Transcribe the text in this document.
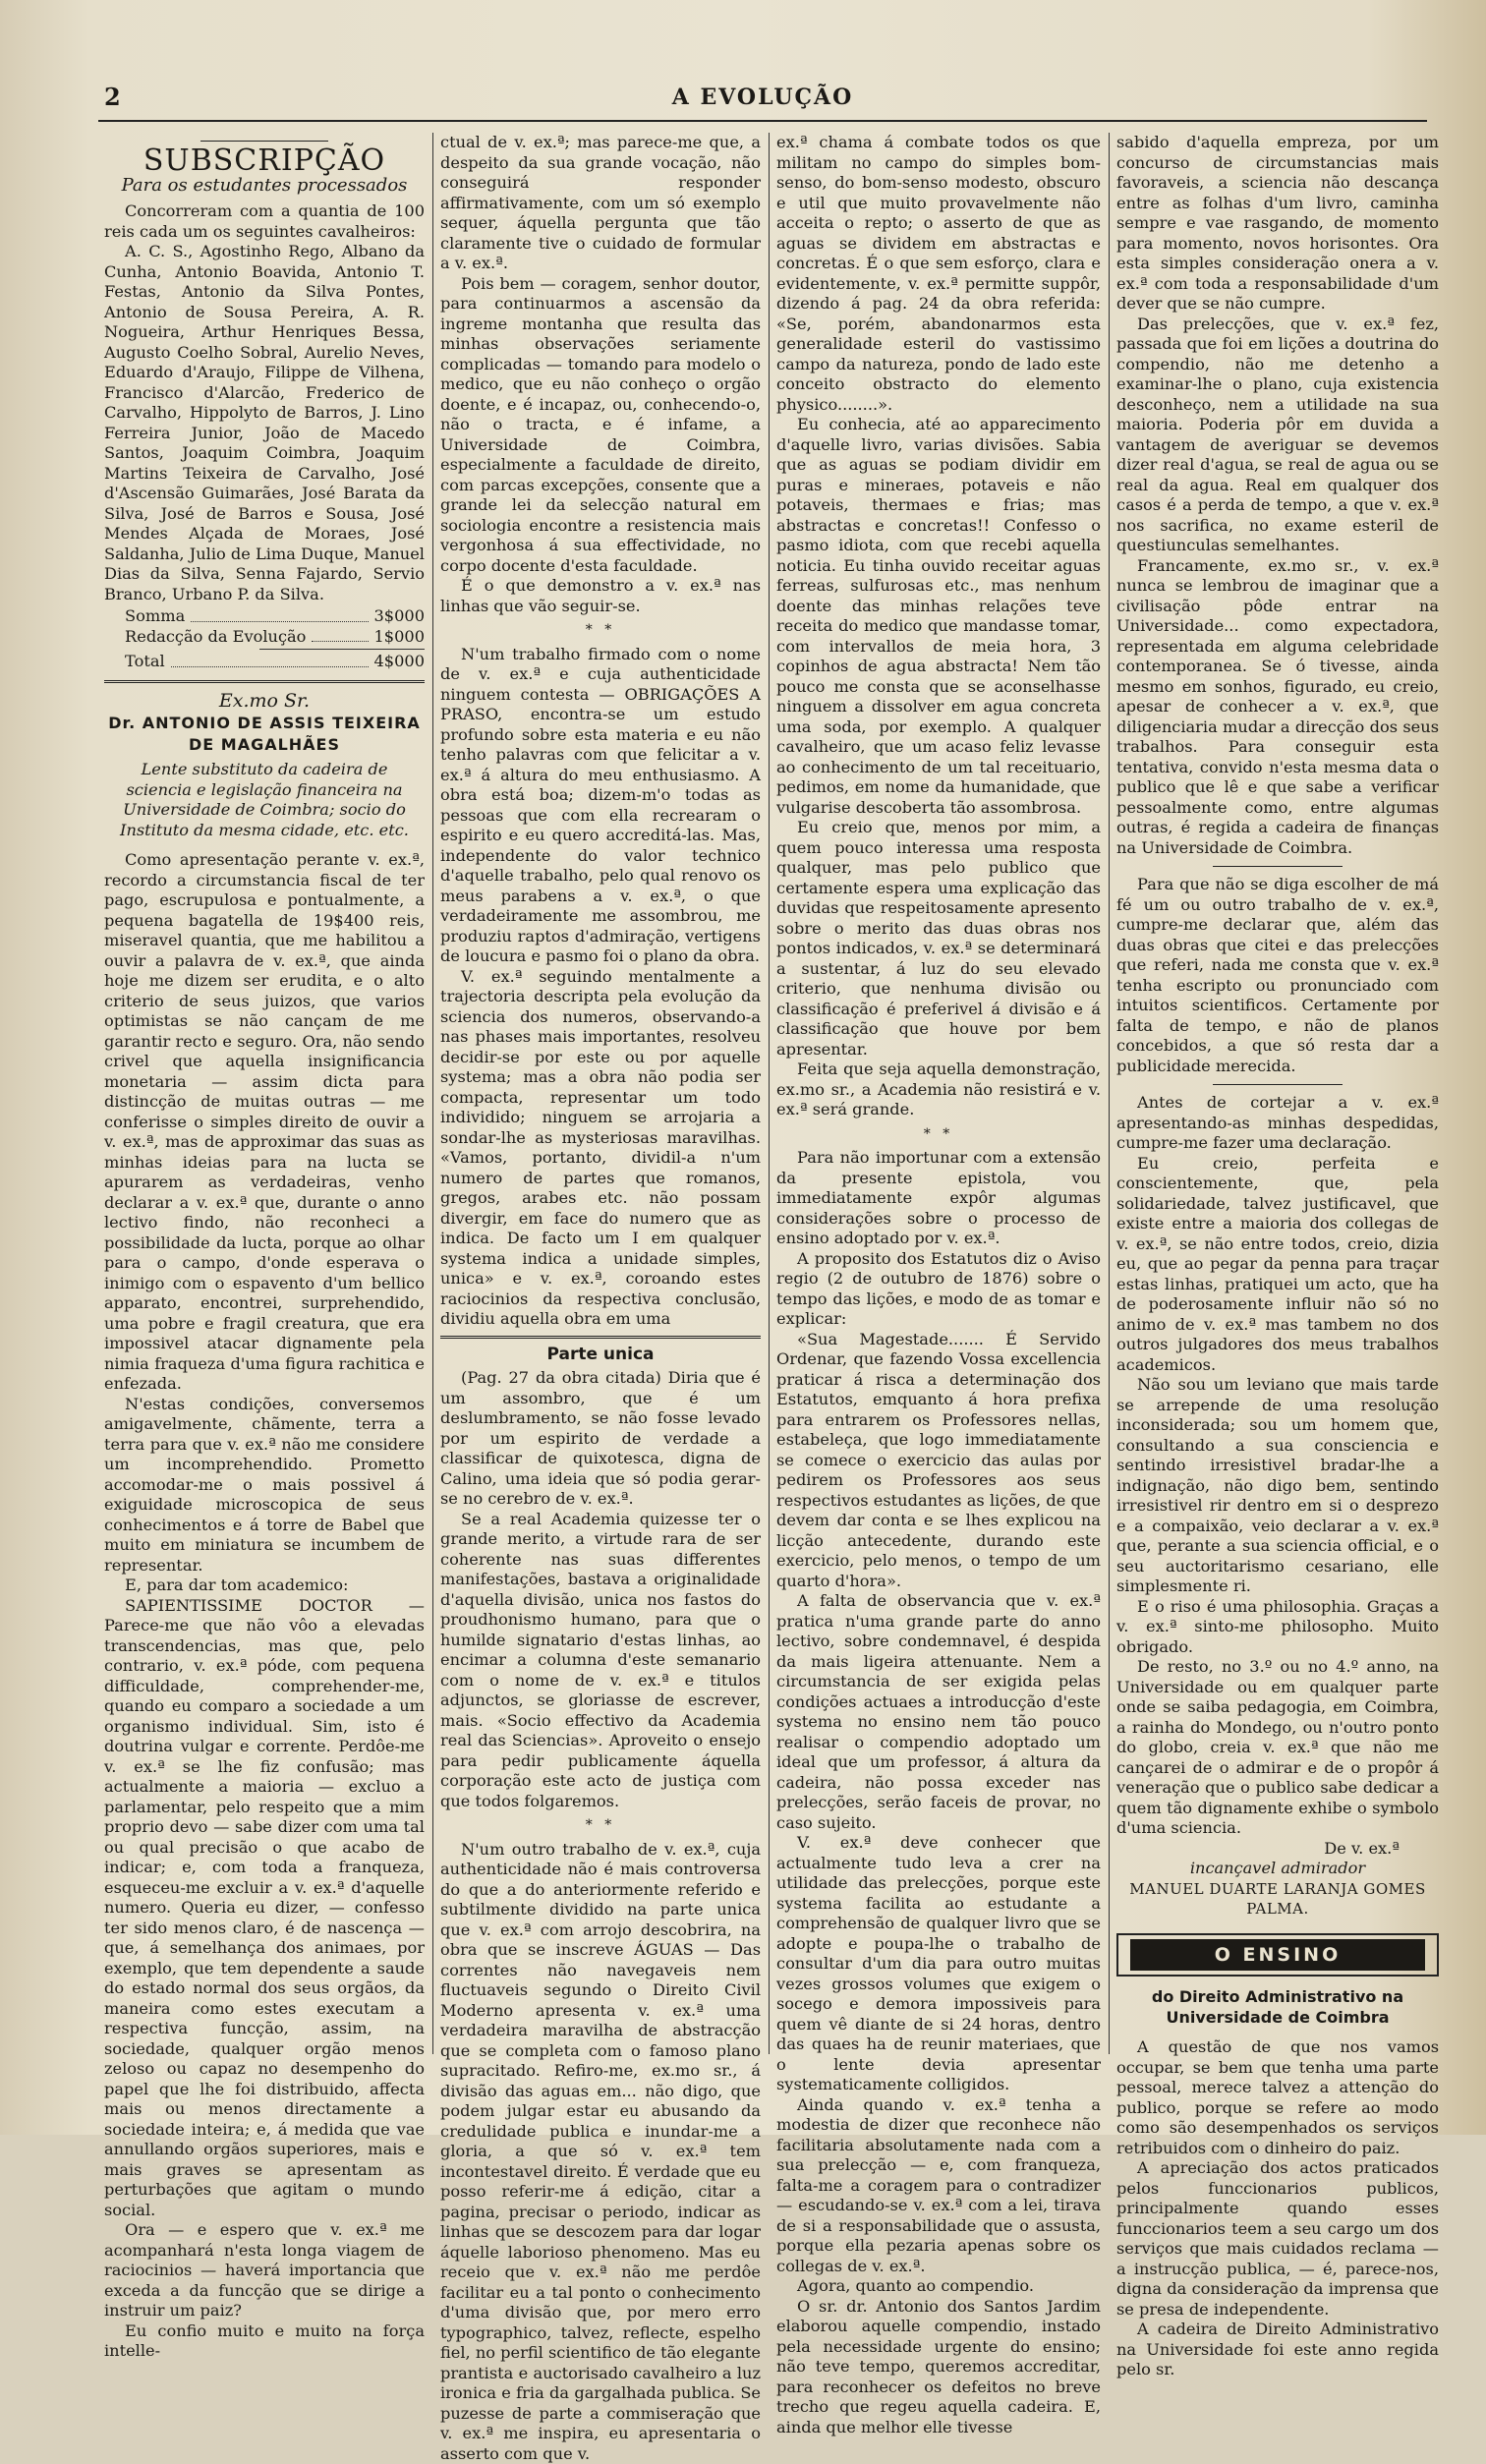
2	A EVOLUÇÃO
SUBSCRIPÇÃO
Para os estudantes processados

Concorreram com a quantia de 100 reis cada um os seguintes cavalheiros:

A. C. S., Agostinho Rego, Albano da Cunha, Antonio Boavida, Antonio T. Festas, Antonio da Silva Pontes, Antonio de Sousa Pereira, A. R. Nogueira, Arthur Henriques Bessa, Augusto Coelho Sobral, Aurelio Neves, Eduardo d'Araujo, Filippe de Vilhena, Francisco d'Alarcão, Frederico de Carvalho, Hippolyto de Barros, J. Lino Ferreira Junior, João de Macedo Santos, Joaquim Coimbra, Joaquim Martins Teixeira de Carvalho, José d'Ascensão Guimarães, José Barata da Silva, José de Barros e Sousa, José Mendes Alçada de Moraes, José Saldanha, Julio de Lima Duque, Manuel Dias da Silva, Senna Fajardo, Servio Branco, Urbano P. da Silva.

Somma	3$000
Redacção da Evolução	1$000
Total	4$000
Ex.mo Sr.
Dr. ANTONIO DE ASSIS TEIXEIRA DE MAGALHÃES
Lente substituto da cadeira de sciencia e legislação financeira na Universidade de Coimbra; socio do Instituto da mesma cidade, etc. etc.

Como apresentação perante v. ex.ª, recordo a circumstancia fiscal de ter pago, escrupulosa e pontualmente, a pequena bagatella de 19$400 reis, miseravel quantia, que me habilitou a ouvir a palavra de v. ex.ª, que ainda hoje me dizem ser erudita, e o alto criterio de seus juizos, que varios optimistas se não cançam de me garantir recto e seguro. Ora, não sendo crivel que aquella insignificancia monetaria — assim dicta para distincção de muitas outras — me conferisse o simples direito de ouvir a v. ex.ª, mas de approximar das suas as minhas ideias para na lucta se apurarem as verdadeiras, venho declarar a v. ex.ª que, durante o anno lectivo findo, não reconheci a possibilidade da lucta, porque ao olhar para o campo, d'onde esperava o inimigo com o espavento d'um bellico apparato, encontrei, surprehendido, uma pobre e fragil creatura, que era impossivel atacar dignamente pela nimia fraqueza d'uma figura rachitica e enfezada.

N'estas condições, conversemos amigavelmente, chãmente, terra a terra para que v. ex.ª não me considere um incomprehendido. Prometto accomodar-me o mais possivel á exiguidade microscopica de seus conhecimentos e á torre de Babel que muito em miniatura se incumbem de representar.

E, para dar tom academico:

SAPIENTISSIME DOCTOR — Parece-me que não vôo a elevadas transcendencias, mas que, pelo contrario, v. ex.ª póde, com pequena difficuldade, comprehender-me, quando eu comparo a sociedade a um organismo individual. Sim, isto é doutrina vulgar e corrente. Perdôe-me v. ex.ª se lhe fiz confusão; mas actualmente a maioria — excluo a parlamentar, pelo respeito que a mim proprio devo — sabe dizer com uma tal ou qual precisão o que acabo de indicar; e, com toda a franqueza, esqueceu-me excluir a v. ex.ª d'aquelle numero. Queria eu dizer, — confesso ter sido menos claro, é de nascença — que, á semelhança dos animaes, por exemplo, que tem dependente a saude do estado normal dos seus orgãos, da maneira como estes executam a respectiva funcção, assim, na sociedade, qualquer orgão menos zeloso ou capaz no desempenho do papel que lhe foi distribuido, affecta mais ou menos directamente a sociedade inteira; e, á medida que vae annullando orgãos superiores, mais e mais graves se apresentam as perturbações que agitam o mundo social.

Ora — e espero que v. ex.ª me acompanhará n'esta longa viagem de raciocinios — haverá importancia que exceda a da funcção que se dirige a instruir um paiz?

Eu confio muito e muito na força intelle-

ctual de v. ex.ª; mas parece-me que, a despeito da sua grande vocação, não conseguirá responder affirmativamente, com um só exemplo sequer, áquella pergunta que tão claramente tive o cuidado de formular a v. ex.ª.

Pois bem — coragem, senhor doutor, para continuarmos a ascensão da ingreme montanha que resulta das minhas observações seriamente complicadas — tomando para modelo o medico, que eu não conheço o orgão doente, e é incapaz, ou, conhecendo-o, não o tracta, e é infame, a Universidade de Coimbra, especialmente a faculdade de direito, com parcas excepções, consente que a grande lei da selecção natural em sociologia encontre a resistencia mais vergonhosa á sua effectividade, no corpo docente d'esta faculdade.

É o que demonstro a v. ex.ª nas linhas que vão seguir-se.

* *

N'um trabalho firmado com o nome de v. ex.ª e cuja authenticidade ninguem contesta — OBRIGAÇÕES A PRASO, encontra-se um estudo profundo sobre esta materia e eu não tenho palavras com que felicitar a v. ex.ª á altura do meu enthusiasmo. A obra está boa; dizem-m'o todas as pessoas que com ella recrearam o espirito e eu quero accreditá-las. Mas, independente do valor technico d'aquelle trabalho, pelo qual renovo os meus parabens a v. ex.ª, o que verdadeiramente me assombrou, me produziu raptos d'admiração, vertigens de loucura e pasmo foi o plano da obra.

V. ex.ª seguindo mentalmente a trajectoria descripta pela evolução da sciencia dos numeros, observando-a nas phases mais importantes, resolveu decidir-se por este ou por aquelle systema; mas a obra não podia ser compacta, representar um todo individido; ninguem se arrojaria a sondar-lhe as mysteriosas maravilhas. «Vamos, portanto, dividil-a n'um numero de partes que romanos, gregos, arabes etc. não possam divergir, em face do numero que as indica. De facto um I em qualquer systema indica a unidade simples, unica» e v. ex.ª, coroando estes raciocinios da respectiva conclusão, dividiu aquella obra em uma

Parte unica

(Pag. 27 da obra citada) Diria que é um assombro, que é um deslumbramento, se não fosse levado por um espirito de verdade a classificar de quixotesca, digna de Calino, uma ideia que só podia gerar-se no cerebro de v. ex.ª.

Se a real Academia quizesse ter o grande merito, a virtude rara de ser coherente nas suas differentes manifestações, bastava a originalidade d'aquella divisão, unica nos fastos do proudhonismo humano, para que o humilde signatario d'estas linhas, ao encimar a columna d'este semanario com o nome de v. ex.ª e titulos adjunctos, se gloriasse de escrever, mais. «Socio effectivo da Academia real das Sciencias». Aproveito o ensejo para pedir publicamente áquella corporação este acto de justiça com que todos folgaremos.

* *

N'um outro trabalho de v. ex.ª, cuja authenticidade não é mais controversa do que a do anteriormente referido e subtilmente dividido na parte unica que v. ex.ª com arrojo descobrira, na obra que se inscreve ÁGUAS — Das correntes não navegaveis nem fluctuaveis segundo o Direito Civil Moderno apresenta v. ex.ª uma verdadeira maravilha de abstracção que se completa com o famoso plano supracitado. Refiro-me, ex.mo sr., á divisão das aguas em... não digo, que podem julgar estar eu abusando da credulidade publica e inundar-me a gloria, a que só v. ex.ª tem incontestavel direito. É verdade que eu posso referir-me á edição, citar a pagina, precisar o periodo, indicar as linhas que se descozem para dar logar áquelle laborioso phenomeno. Mas eu receio que v. ex.ª não me perdôe facilitar eu a tal ponto o conhecimento d'uma divisão que, por mero erro typographico, talvez, reflecte, espelho fiel, no perfil scientifico de tão elegante prantista e auctorisado cavalheiro a luz ironica e fria da gargalhada publica. Se puzesse de parte a commiseração que v. ex.ª me inspira, eu apresentaria o asserto com que v.

ex.ª chama á combate todos os que militam no campo do simples bom-senso, do bom-senso modesto, obscuro e util que muito provavelmente não acceita o repto; o asserto de que as aguas se dividem em abstractas e concretas. É o que sem esforço, clara e evidentemente, v. ex.ª permitte suppôr, dizendo á pag. 24 da obra referida: «Se, porém, abandonarmos esta generalidade esteril do vastissimo campo da natureza, pondo de lado este conceito obstracto do elemento physico........».

Eu conhecia, até ao apparecimento d'aquelle livro, varias divisões. Sabia que as aguas se podiam dividir em puras e mineraes, potaveis e não potaveis, thermaes e frias; mas abstractas e concretas!! Confesso o pasmo idiota, com que recebi aquella noticia. Eu tinha ouvido receitar aguas ferreas, sulfurosas etc., mas nenhum doente das minhas relações teve receita do medico que mandasse tomar, com intervallos de meia hora, 3 copinhos de agua abstracta! Nem tão pouco me consta que se aconselhasse ninguem a dissolver em agua concreta uma soda, por exemplo. A qualquer cavalheiro, que um acaso feliz levasse ao conhecimento de um tal receituario, pedimos, em nome da humanidade, que vulgarise descoberta tão assombrosa.

Eu creio que, menos por mim, a quem pouco interessa uma resposta qualquer, mas pelo publico que certamente espera uma explicação das duvidas que respeitosamente apresento sobre o merito das duas obras nos pontos indicados, v. ex.ª se determinará a sustentar, á luz do seu elevado criterio, que nenhuma divisão ou classificação é preferivel á divisão e á classificação que houve por bem apresentar.

Feita que seja aquella demonstração, ex.mo sr., a Academia não resistirá e v. ex.ª será grande.

* *

Para não importunar com a extensão da presente epistola, vou immediatamente expôr algumas considerações sobre o processo de ensino adoptado por v. ex.ª.

A proposito dos Estatutos diz o Aviso regio (2 de outubro de 1876) sobre o tempo das lições, e modo de as tomar e explicar:

«Sua Magestade....... É Servido Ordenar, que fazendo Vossa excellencia praticar á risca a determinação dos Estatutos, emquanto á hora prefixa para entrarem os Professores nellas, estabeleça, que logo immediatamente se comece o exercicio das aulas por pedirem os Professores aos seus respectivos estudantes as lições, de que devem dar conta e se lhes explicou na licção antecedente, durando este exercicio, pelo menos, o tempo de um quarto d'hora».

A falta de observancia que v. ex.ª pratica n'uma grande parte do anno lectivo, sobre condemnavel, é despida da mais ligeira attenuante. Nem a circumstancia de ser exigida pelas condições actuaes a introducção d'este systema no ensino nem tão pouco realisar o compendio adoptado um ideal que um professor, á altura da cadeira, não possa exceder nas prelecções, serão faceis de provar, no caso sujeito.

V. ex.ª deve conhecer que actualmente tudo leva a crer na utilidade das prelecções, porque este systema facilita ao estudante a comprehensão de qualquer livro que se adopte e poupa-lhe o trabalho de consultar d'um dia para outro muitas vezes grossos volumes que exigem o socego e demora impossiveis para quem vê diante de si 24 horas, dentro das quaes ha de reunir materiaes, que o lente devia apresentar systematicamente colligidos.

Ainda quando v. ex.ª tenha a modestia de dizer que reconhece não facilitaria absolutamente nada com a sua prelecção — e, com franqueza, falta-me a coragem para o contradizer — escudando-se v. ex.ª com a lei, tirava de si a responsabilidade que o assusta, porque ella pezaria apenas sobre os collegas de v. ex.ª.

Agora, quanto ao compendio.

O sr. dr. Antonio dos Santos Jardim elaborou aquelle compendio, instado pela necessidade urgente do ensino; não teve tempo, queremos accreditar, para reconhecer os defeitos no breve trecho que regeu aquella cadeira. E, ainda que melhor elle tivesse

sabido d'aquella empreza, por um concurso de circumstancias mais favoraveis, a sciencia não descança entre as folhas d'um livro, caminha sempre e vae rasgando, de momento para momento, novos horisontes. Ora esta simples consideração onera a v. ex.ª com toda a responsabilidade d'um dever que se não cumpre.

Das prelecções, que v. ex.ª fez, passada que foi em lições a doutrina do compendio, não me detenho a examinar-lhe o plano, cuja existencia desconheço, nem a utilidade na sua maioria. Poderia pôr em duvida a vantagem de averiguar se devemos dizer real d'agua, se real de agua ou se real da agua. Real em qualquer dos casos é a perda de tempo, a que v. ex.ª nos sacrifica, no exame esteril de questiunculas semelhantes.

Francamente, ex.mo sr., v. ex.ª nunca se lembrou de imaginar que a civilisação pôde entrar na Universidade... como expectadora, representada em alguma celebridade contemporanea. Se ó tivesse, ainda mesmo em sonhos, figurado, eu creio, apesar de conhecer a v. ex.ª, que diligenciaria mudar a direcção dos seus trabalhos. Para conseguir esta tentativa, convido n'esta mesma data o publico que lê e que sabe a verificar pessoalmente como, entre algumas outras, é regida a cadeira de finanças na Universidade de Coimbra.

Para que não se diga escolher de má fé um ou outro trabalho de v. ex.ª, cumpre-me declarar que, além das duas obras que citei e das prelecções que referi, nada me consta que v. ex.ª tenha escripto ou pronunciado com intuitos scientificos. Certamente por falta de tempo, e não de planos concebidos, a que só resta dar a publicidade merecida.

Antes de cortejar a v. ex.ª apresentando-as minhas despedidas, cumpre-me fazer uma declaração.

Eu creio, perfeita e conscientemente, que, pela solidariedade, talvez justificavel, que existe entre a maioria dos collegas de v. ex.ª, se não entre todos, creio, dizia eu, que ao pegar da penna para traçar estas linhas, pratiquei um acto, que ha de poderosamente influir não só no animo de v. ex.ª mas tambem no dos outros julgadores dos meus trabalhos academicos.

Não sou um leviano que mais tarde se arrepende de uma resolução inconsiderada; sou um homem que, consultando a sua consciencia e sentindo irresistivel bradar-lhe a indignação, não digo bem, sentindo irresistivel rir dentro em si o desprezo e a compaixão, veio declarar a v. ex.ª que, perante a sua sciencia official, e o seu auctoritarismo cesariano, elle simplesmente ri.

E o riso é uma philosophia. Graças a v. ex.ª sinto-me philosopho. Muito obrigado.

De resto, no 3.º ou no 4.º anno, na Universidade ou em qualquer parte onde se saiba pedagogia, em Coimbra, a rainha do Mondego, ou n'outro ponto do globo, creia v. ex.ª que não me cançarei de o admirar e de o propôr á veneração que o publico sabe dedicar a quem tão dignamente exhibe o symbolo d'uma sciencia.

De v. ex.ª
incançavel admirador
MANUEL DUARTE LARANJA GOMES PALMA.
O ENSINO
do Direito Administrativo na Universidade de Coimbra

A questão de que nos vamos occupar, se bem que tenha uma parte pessoal, merece talvez a attenção do publico, porque se refere ao modo como são desempenhados os serviços retribuidos com o dinheiro do paiz.

A apreciação dos actos praticados pelos funccionarios publicos, principalmente quando esses funccionarios teem a seu cargo um dos serviços que mais cuidados reclama — a instrucção publica, — é, parece-nos, digna da consideração da imprensa que se presa de independente.

A cadeira de Direito Administrativo na Universidade foi este anno regida pelo sr.
